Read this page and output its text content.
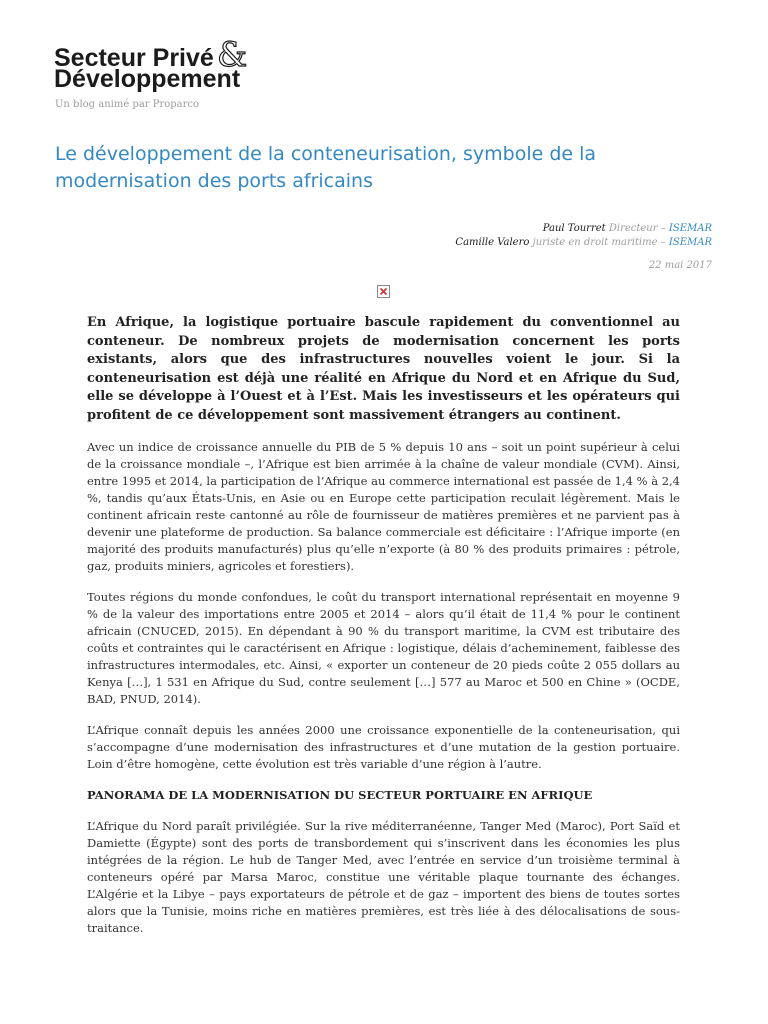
Secteur Privé
Développement
&
Un blog animé par Proparco
Le développement de la conteneurisation, symbole de la modernisation des ports africains
Paul Tourret Directeur – ISEMAR
Camille Valero juriste en droit maritime – ISEMAR
22 mai 2017

En Afrique, la logistique portuaire bascule rapidement du conventionnel au conteneur. De nombreux projets de modernisation concernent les ports existants, alors que des infrastructures nouvelles voient le jour. Si la conteneurisation est déjà une réalité en Afrique du Nord et en Afrique du Sud, elle se développe à l’Ouest et à l’Est. Mais les investisseurs et les opérateurs qui profitent de ce développement sont massivement étrangers au continent.

Avec un indice de croissance annuelle du PIB de 5 % depuis 10 ans – soit un point supérieur à celui de la croissance mondiale –, l’Afrique est bien arrimée à la chaîne de valeur mondiale (CVM). Ainsi, entre 1995 et 2014, la participation de l’Afrique au commerce international est passée de 1,4 % à 2,4 %, tandis qu’aux États-Unis, en Asie ou en Europe cette participation reculait légèrement. Mais le continent africain reste cantonné au rôle de fournisseur de matières premières et ne parvient pas à devenir une plateforme de production. Sa balance commerciale est déficitaire : l’Afrique importe (en majorité des produits manufacturés) plus qu’elle n’exporte (à 80 % des produits primaires : pétrole, gaz, produits miniers, agricoles et forestiers).

Toutes régions du monde confondues, le coût du transport international représentait en moyenne 9 % de la valeur des importations entre 2005 et 2014 – alors qu’il était de 11,4 % pour le continent africain (CNUCED, 2015). En dépendant à 90 % du transport maritime, la CVM est tributaire des coûts et contraintes qui le caractérisent en Afrique : logistique, délais d’acheminement, faiblesse des infrastructures intermodales, etc. Ainsi, « exporter un conteneur de 20 pieds coûte 2 055 dollars au Kenya […], 1 531 en Afrique du Sud, contre seulement […] 577 au Maroc et 500 en Chine » (OCDE, BAD, PNUD, 2014).

L’Afrique connaît depuis les années 2000 une croissance exponentielle de la conteneurisation, qui s’accompagne d’une modernisation des infrastructures et d’une mutation de la gestion portuaire. Loin d’être homogène, cette évolution est très variable d’une région à l’autre.

PANORAMA DE LA MODERNISATION DU SECTEUR PORTUAIRE EN AFRIQUE

L’Afrique du Nord paraît privilégiée. Sur la rive méditerranéenne, Tanger Med (Maroc), Port Saïd et Damiette (Égypte) sont des ports de transbordement qui s’inscrivent dans les économies les plus intégrées de la région. Le hub de Tanger Med, avec l’entrée en service d’un troisième terminal à conteneurs opéré par Marsa Maroc, constitue une véritable plaque tournante des échanges. L’Algérie et la Libye – pays exportateurs de pétrole et de gaz – importent des biens de toutes sortes alors que la Tunisie, moins riche en matières premières, est très liée à des délocalisations de sous-traitance.
